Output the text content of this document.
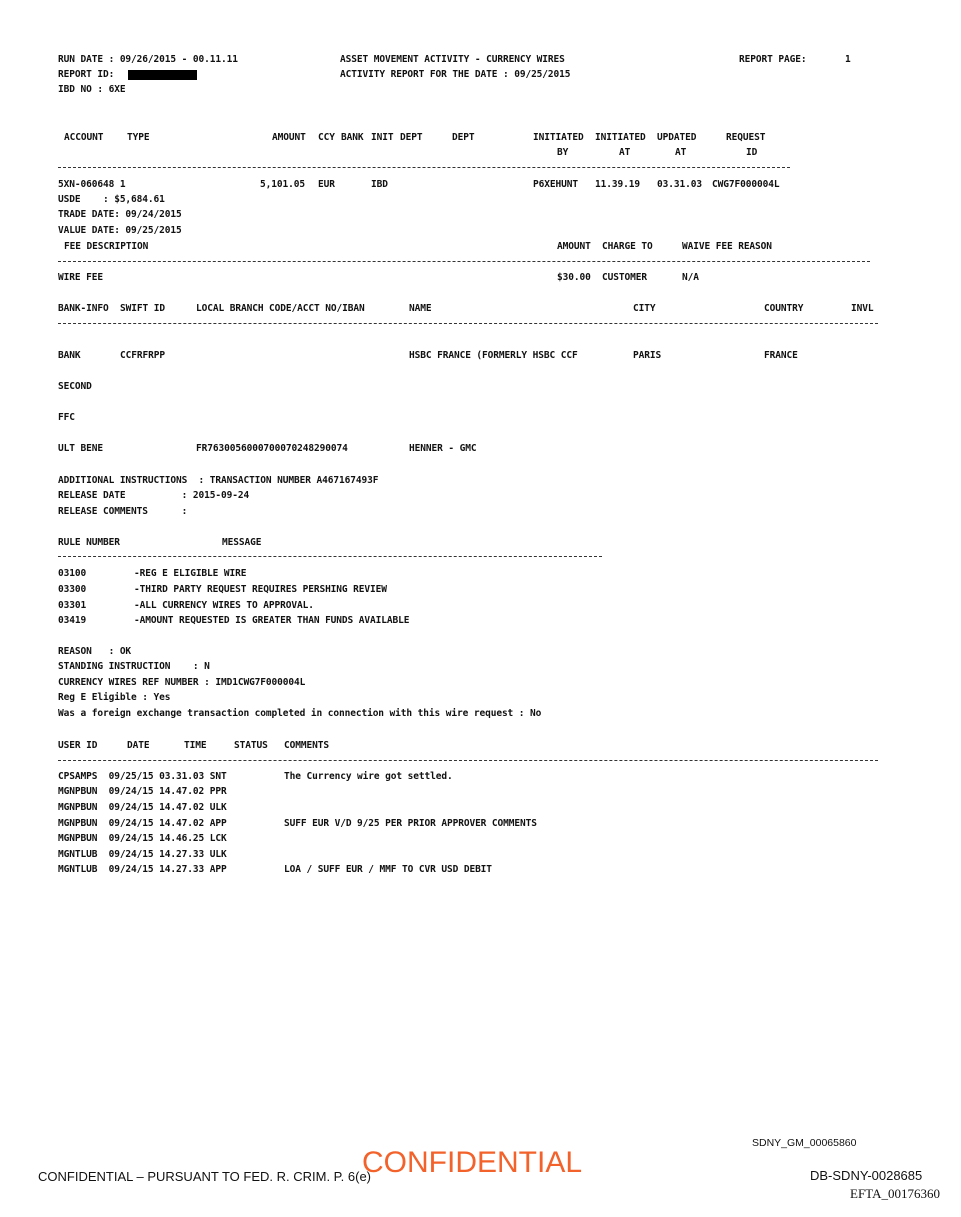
RUN DATE : 09/26/2015 - 00.11.11
REPORT ID:
IBD NO : 6XE
ASSET MOVEMENT ACTIVITY - CURRENCY WIRES
ACTIVITY REPORT FOR THE DATE : 09/25/2015
REPORT PAGE:	1
ACCOUNT TYPE	AMOUNT CCY BANK INIT DEPT	DEPT	INITIATED INITIATED UPDATED	REQUEST
BY	AT	AT	ID
5XN-060648 1	5,101.05 EUR	IBD	P6XEHUNT 11.39.19 03.31.03 CWG7F000004L
USDE    : $5,684.61
TRADE DATE: 09/24/2015
VALUE DATE: 09/25/2015
FEE DESCRIPTION	AMOUNT CHARGE TO	WAIVE FEE REASON
WIRE FEE	$30.00 CUSTOMER	N/A
BANK-INFO SWIFT ID	LOCAL BRANCH CODE/ACCT NO/IBAN	NAME	CITY	COUNTRY	INVL
BANK	CCFRFRPP	HSBC FRANCE (FORMERLY HSBC CCF	PARIS	FRANCE
SECOND
FFC
ULT BENE	FR7630056000700070248290074	HENNER - GMC
ADDITIONAL INSTRUCTIONS  : TRANSACTION NUMBER A467167493F
RELEASE DATE          : 2015-09-24
RELEASE COMMENTS      :
RULE NUMBER	MESSAGE
03100	-REG E ELIGIBLE WIRE
03300	-THIRD PARTY REQUEST REQUIRES PERSHING REVIEW
03301	-ALL CURRENCY WIRES TO APPROVAL.
03419	-AMOUNT REQUESTED IS GREATER THAN FUNDS AVAILABLE
REASON   : OK
STANDING INSTRUCTION    : N
CURRENCY WIRES REF NUMBER : IMD1CWG7F000004L
Reg E Eligible : Yes
Was a foreign exchange transaction completed in connection with this wire request : No
USER ID	DATE	TIME	STATUS COMMENTS
CPSAMPS  09/25/15 03.31.03 SNT	The Currency wire got settled.
MGNPBUN  09/24/15 14.47.02 PPR
MGNPBUN  09/24/15 14.47.02 ULK
MGNPBUN  09/24/15 14.47.02 APP	SUFF EUR V/D 9/25 PER PRIOR APPROVER COMMENTS
MGNPBUN  09/24/15 14.46.25 LCK
MGNTLUB  09/24/15 14.27.33 ULK
MGNTLUB  09/24/15 14.27.33 APP	LOA / SUFF EUR / MMF TO CVR USD DEBIT
SDNY_GM_00065860
CONFIDENTIAL – PURSUANT TO FED. R. CRIM. P. 6(e)
CONFIDENTIAL	DB-SDNY-0028685
EFTA_00176360
